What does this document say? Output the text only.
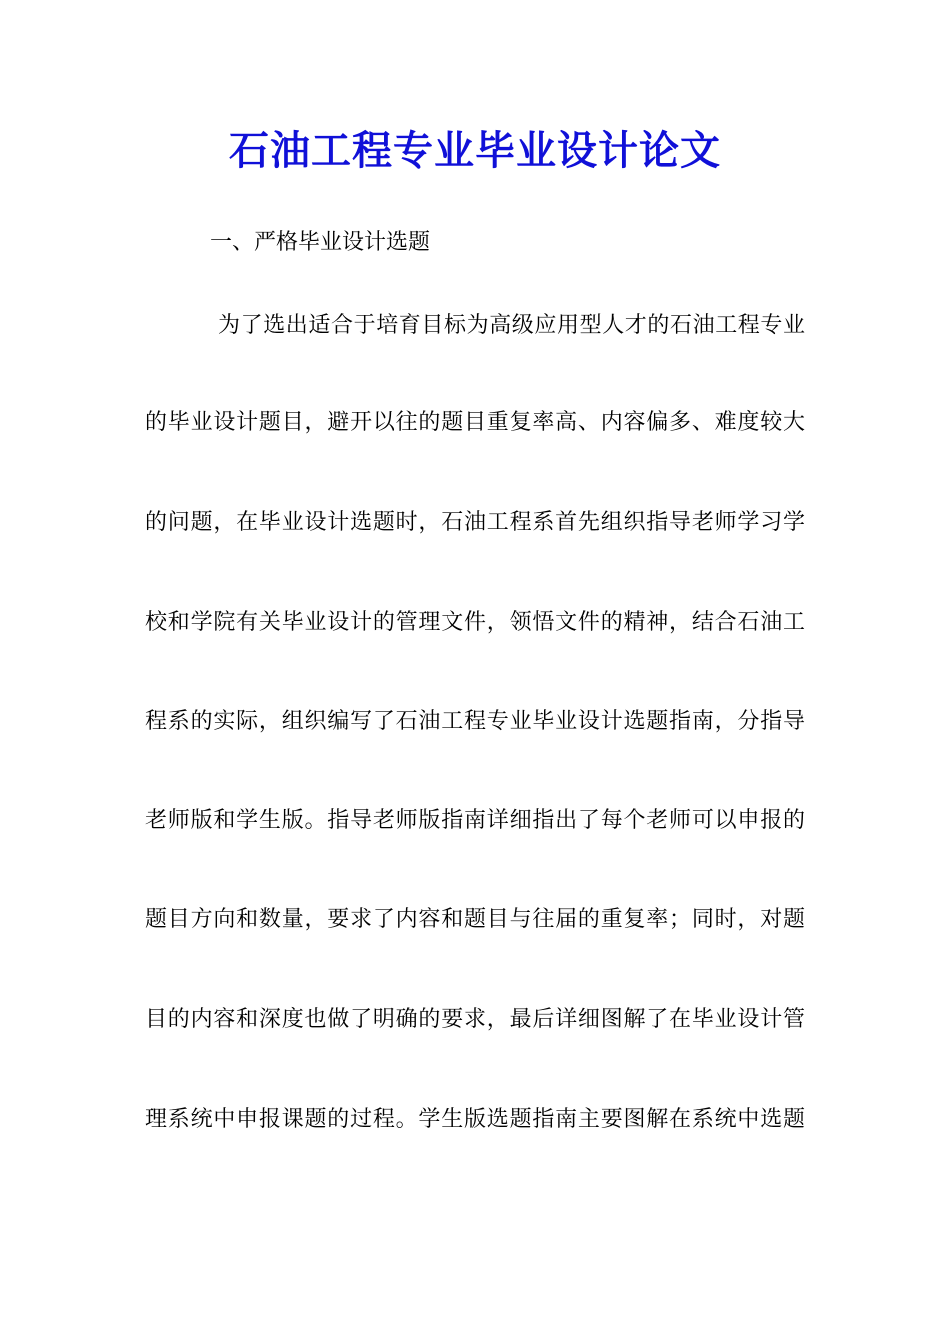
石油工程专业毕业设计论文
一、严格毕业设计选题
为了选出适合于培育目标为高级应用型人才的石油工程专业
的毕业设计题目，避开以往的题目重复率高、内容偏多、难度较大
的问题，在毕业设计选题时，石油工程系首先组织指导老师学习学
校和学院有关毕业设计的管理文件，领悟文件的精神，结合石油工
程系的实际，组织编写了石油工程专业毕业设计选题指南，分指导
老师版和学生版。指导老师版指南详细指出了每个老师可以申报的
题目方向和数量，要求了内容和题目与往届的重复率；同时，对题
目的内容和深度也做了明确的要求，最后详细图解了在毕业设计管
理系统中申报课题的过程。学生版选题指南主要图解在系统中选题
